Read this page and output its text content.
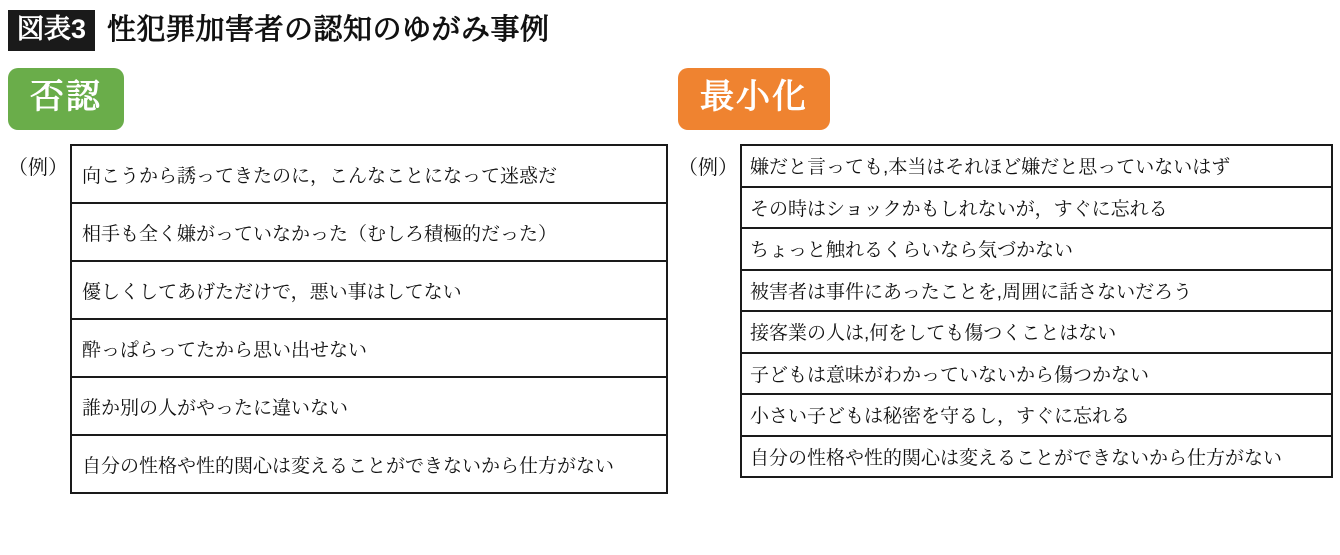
図表3 性犯罪加害者の認知のゆがみ事例
否認
（例） 向こうから誘ってきたのに，こんなことになって迷惑だ
相手も全く嫌がっていなかった（むしろ積極的だった）
優しくしてあげただけで，悪い事はしてない
酔っぱらってたから思い出せない
誰か別の人がやったに違いない
自分の性格や性的関心は変えることができないから仕方がない
最小化
（例） 嫌だと言っても,本当はそれほど嫌だと思っていないはず
その時はショックかもしれないが，すぐに忘れる
ちょっと触れるくらいなら気づかない
被害者は事件にあったことを,周囲に話さないだろう
接客業の人は,何をしても傷つくことはない
子どもは意味がわかっていないから傷つかない
小さい子どもは秘密を守るし，すぐに忘れる
自分の性格や性的関心は変えることができないから仕方がない
